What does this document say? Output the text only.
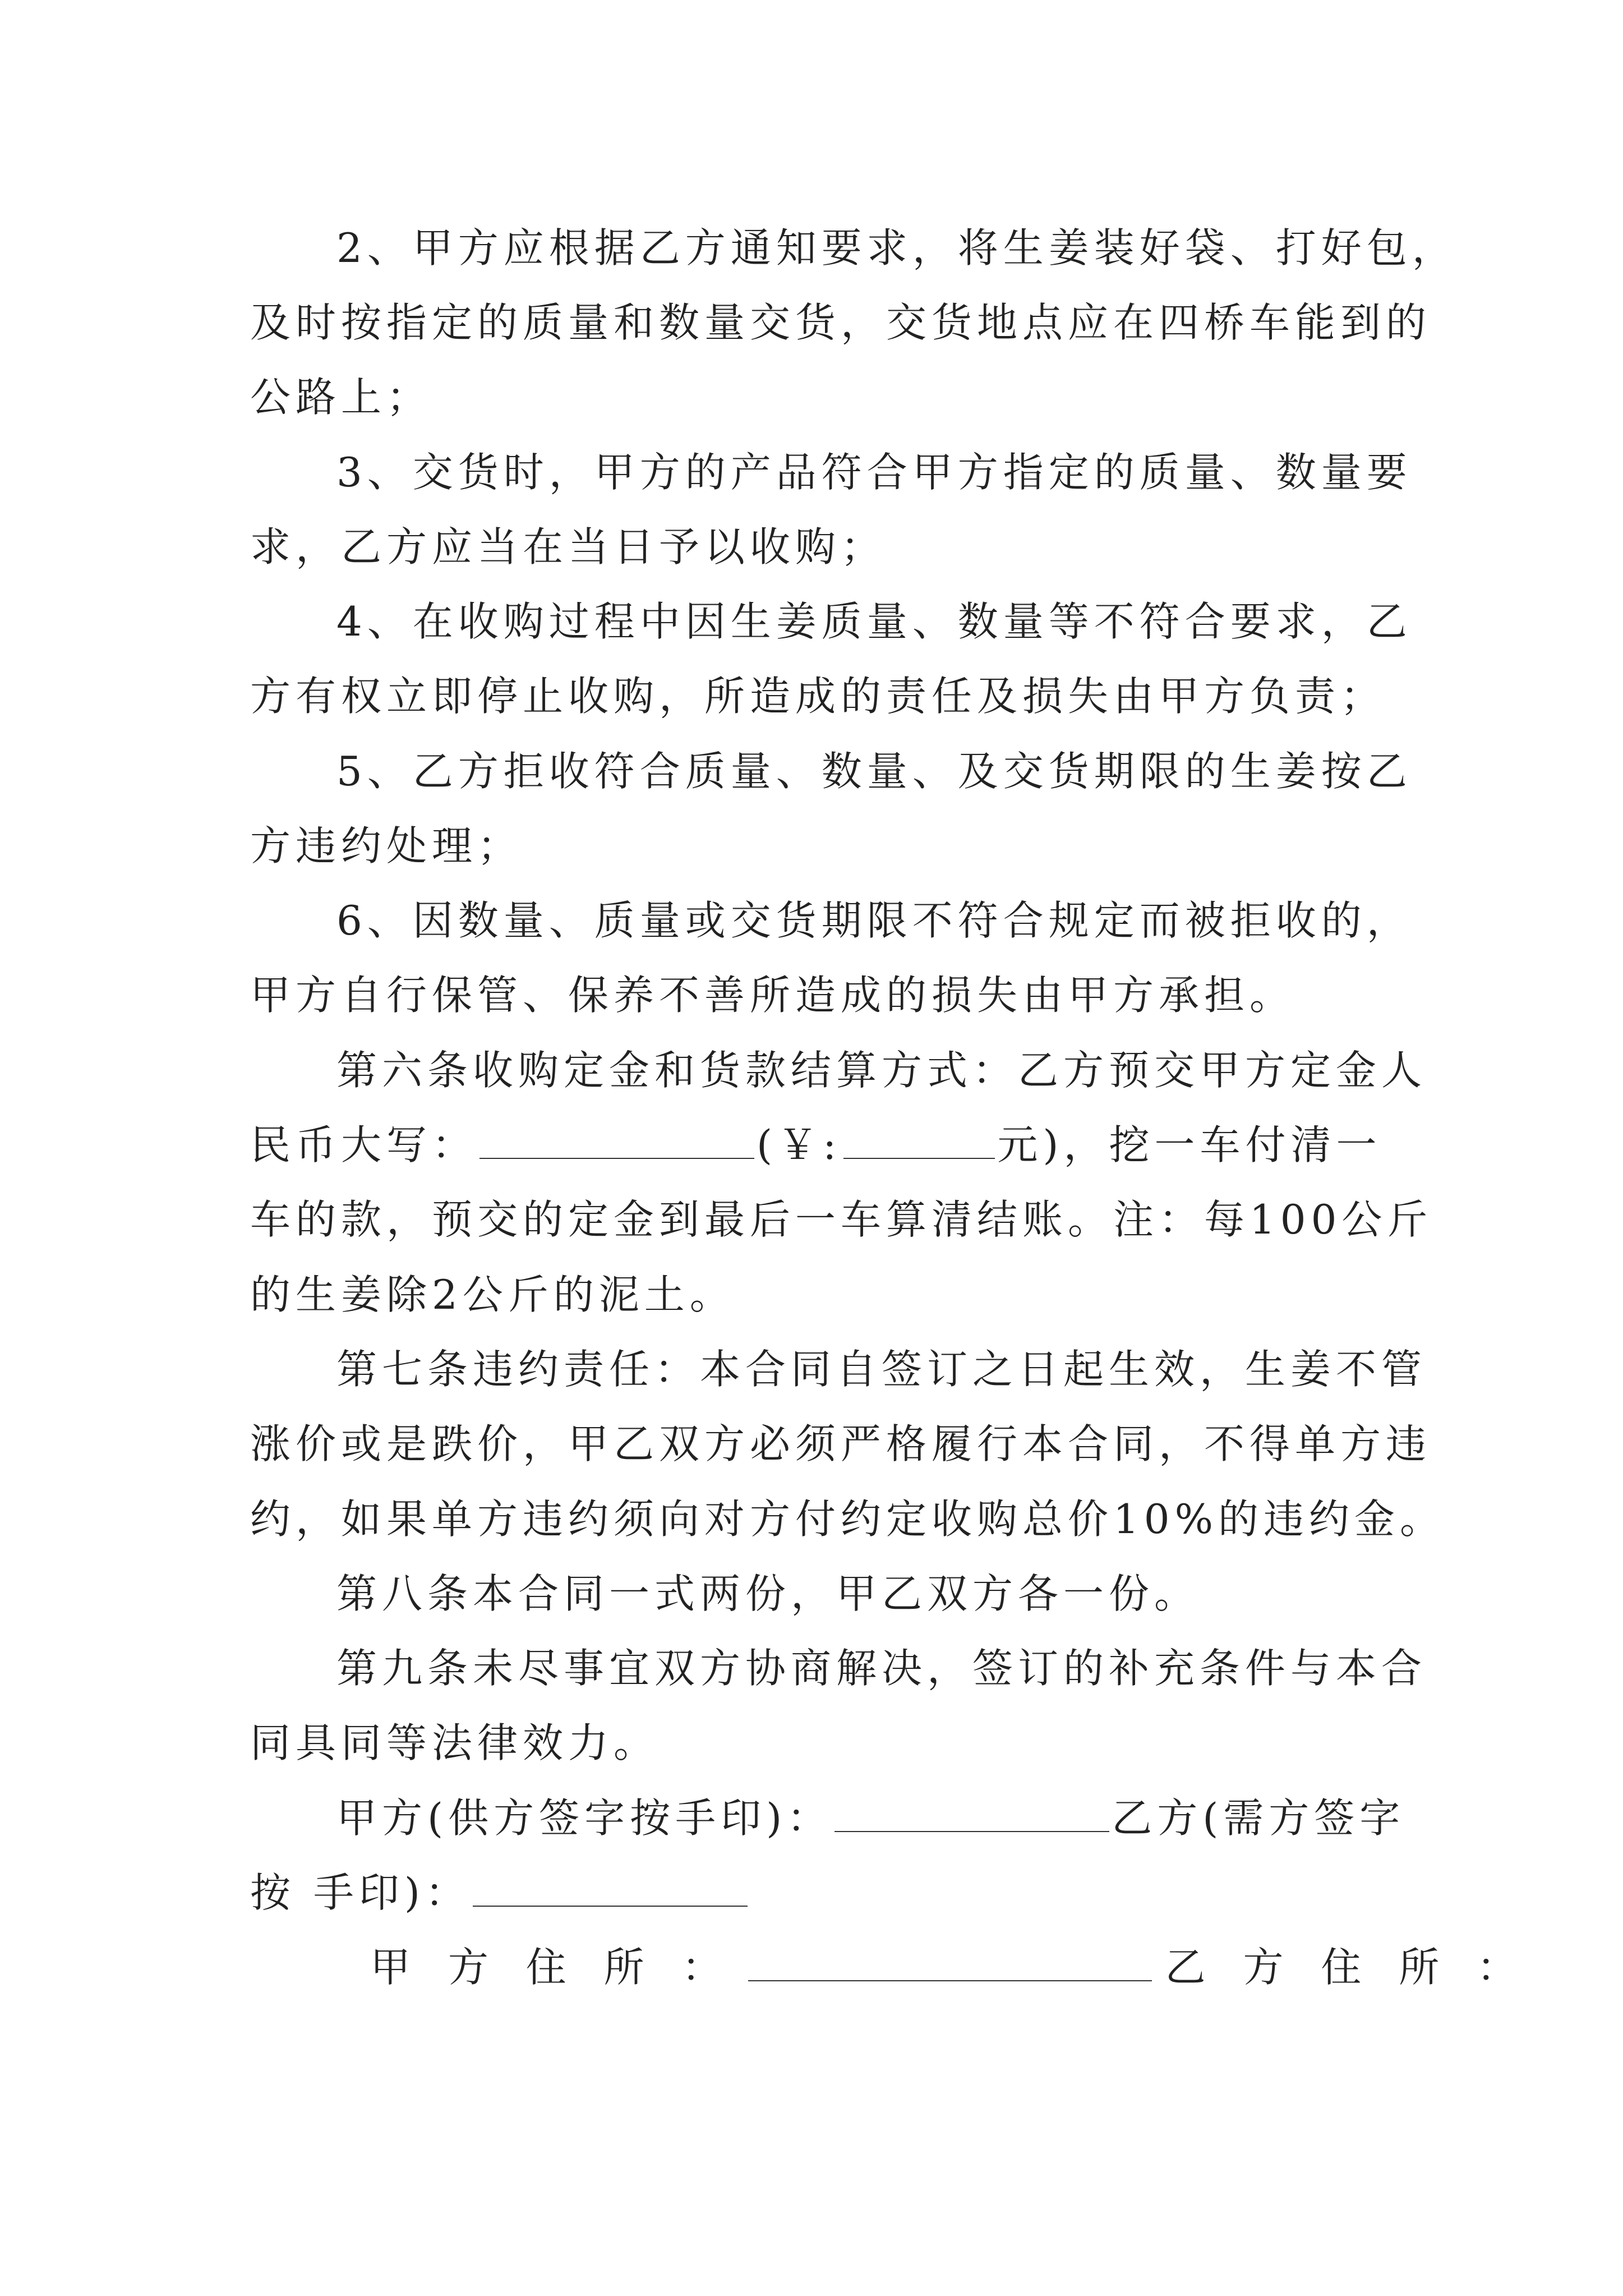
2、甲方应根据乙方通知要求，将生姜装好袋、打好包，
及时按指定的质量和数量交货，交货地点应在四桥车能到的
公路上；
3、交货时，甲方的产品符合甲方指定的质量、数量要
求，乙方应当在当日予以收购；
4、在收购过程中因生姜质量、数量等不符合要求，乙
方有权立即停止收购，所造成的责任及损失由甲方负责；
5、乙方拒收符合质量、数量、及交货期限的生姜按乙
方违约处理；
6、因数量、质量或交货期限不符合规定而被拒收的，
甲方自行保管、保养不善所造成的损失由甲方承担。
第六条收购定金和货款结算方式：乙方预交甲方定金人
民币大写：	(￥:	元)，挖一车付清一
车的款，预交的定金到最后一车算清结账。注：每100公斤
的生姜除2公斤的泥土。
第七条违约责任：本合同自签订之日起生效，生姜不管
涨价或是跌价，甲乙双方必须严格履行本合同，不得单方违
约，如果单方违约须向对方付约定收购总价10%的违约金。
第八条本合同一式两份，甲乙双方各一份。
第九条未尽事宜双方协商解决，签订的补充条件与本合
同具同等法律效力。
甲方(供方签字按手印)：	乙方(需方签字
按 手印)：
甲 方 住 所 ：	乙 方 住 所 ：
